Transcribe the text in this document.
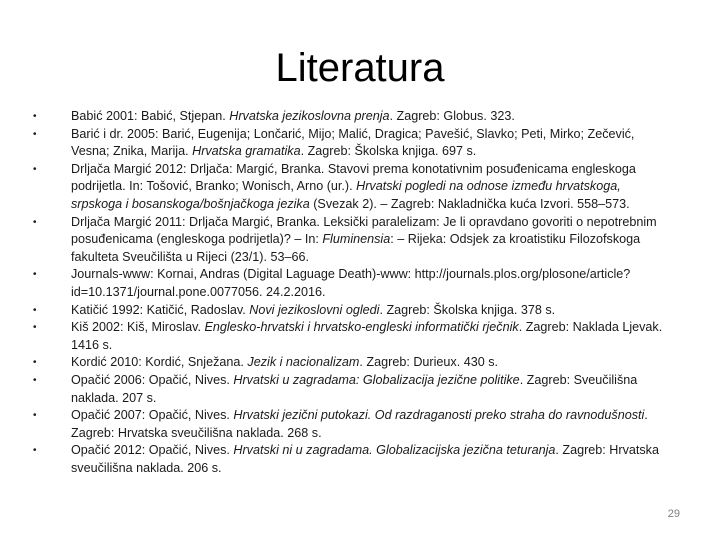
Literatura
•	Babić 2001: Babić, Stjepan. Hrvatska jezikoslovna prenja. Zagreb: Globus. 323.
•	Barić i dr. 2005: Barić, Eugenija; Lončarić, Mijo; Malić, Dragica; Pavešić, Slavko; Peti, Mirko; Zečević, Vesna; Znika, Marija. Hrvatska gramatika. Zagreb: Školska knjiga. 697 s.
•	Drljača Margić 2012: Drljača: Margić, Branka. Stavovi prema konotativnim posuđenicama engleskoga podrijetla. In: Tošović, Branko; Wonisch, Arno (ur.). Hrvatski pogledi na odnose između hrvatskoga, srpskoga i bosanskoga/bošnjačkoga jezika (Svezak 2). – Zagreb: Nakladnička kuća Izvori. 558–573.
•	Drljača Margić 2011: Drljača Margić, Branka. Leksički paralelizam: Je li opravdano govoriti o nepotrebnim posuđenicama (engleskoga podrijetla)? – In: Fluminensia: – Rijeka: Odsjek za kroatistiku Filozofskoga fakulteta Sveučilišta u Rijeci (23/1). 53–66.
•	Journals-www: Kornai, Andras (Digital Laguage Death)-www: http://journals.plos.org/plosone/article?id=10.1371/journal.pone.0077056. 24.2.2016.
•	Katičić 1992: Katičić, Radoslav. Novi jezikoslovni ogledi. Zagreb: Školska knjiga. 378 s.
•	Kiš 2002: Kiš, Miroslav. Englesko-hrvatski i hrvatsko-engleski informatički rječnik. Zagreb: Naklada Ljevak. 1416 s.
•	Kordić 2010: Kordić, Snježana. Jezik i nacionalizam. Zagreb: Durieux. 430 s.
•	Opačić 2006: Opačić, Nives. Hrvatski u zagradama: Globalizacija jezične politike. Zagreb: Sveučilišna naklada. 207 s.
•	Opačić 2007: Opačić, Nives. Hrvatski jezični putokazi. Od razdraganosti preko straha do ravnodušnosti. Zagreb: Hrvatska sveučilišna naklada. 268 s.
•	Opačić 2012: Opačić, Nives. Hrvatski ni u zagradama. Globalizacijska jezična teturanja. Zagreb: Hrvatska sveučilišna naklada. 206 s.
29
